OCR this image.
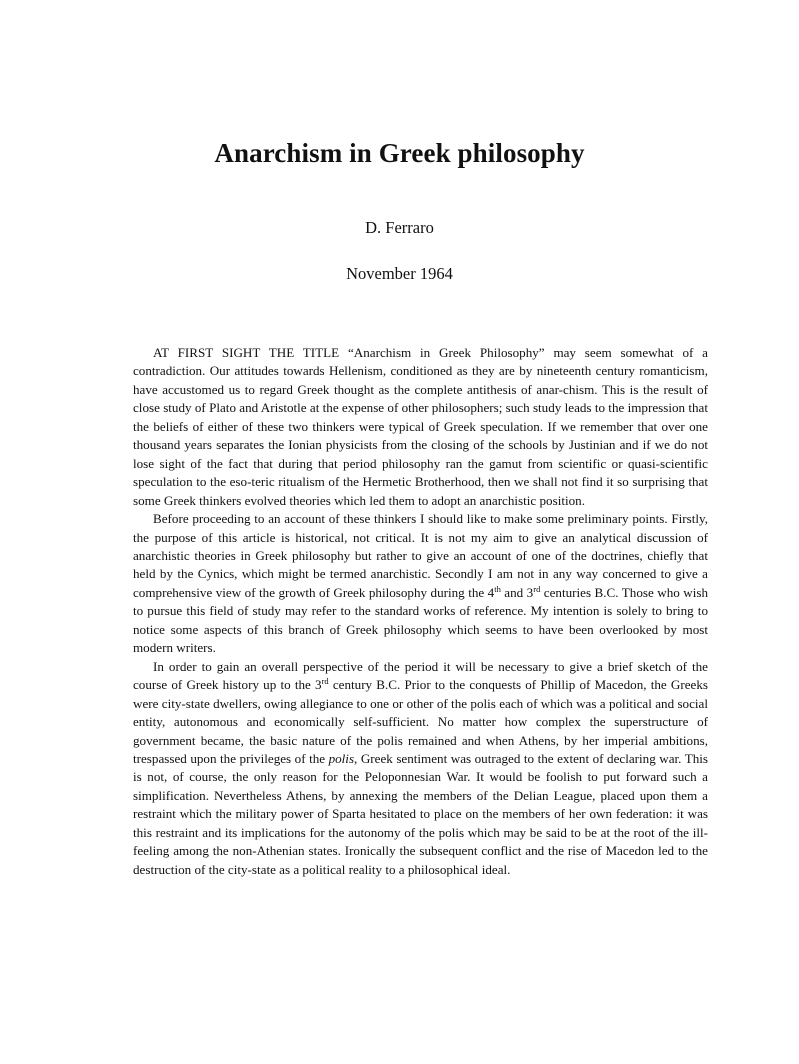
Anarchism in Greek philosophy
D. Ferraro
November 1964

AT FIRST SIGHT THE TITLE “Anarchism in Greek Philosophy” may seem somewhat of a contradiction. Our attitudes towards Hellenism, conditioned as they are by nineteenth century romanticism, have accustomed us to regard Greek thought as the complete antithesis of anar-chism. This is the result of close study of Plato and Aristotle at the expense of other philosophers; such study leads to the impression that the beliefs of either of these two thinkers were typical of Greek speculation. If we remember that over one thousand years separates the Ionian physicists from the closing of the schools by Justinian and if we do not lose sight of the fact that during that period philosophy ran the gamut from scientific or quasi-scientific speculation to the eso-teric ritualism of the Hermetic Brotherhood, then we shall not find it so surprising that some Greek thinkers evolved theories which led them to adopt an anarchistic position.

Before proceeding to an account of these thinkers I should like to make some preliminary points. Firstly, the purpose of this article is historical, not critical. It is not my aim to give an analytical discussion of anarchistic theories in Greek philosophy but rather to give an account of one of the doctrines, chiefly that held by the Cynics, which might be termed anarchistic. Secondly I am not in any way concerned to give a comprehensive view of the growth of Greek philosophy during the 4th and 3rd centuries B.C. Those who wish to pursue this field of study may refer to the standard works of reference. My intention is solely to bring to notice some aspects of this branch of Greek philosophy which seems to have been overlooked by most modern writers.

In order to gain an overall perspective of the period it will be necessary to give a brief sketch of the course of Greek history up to the 3rd century B.C. Prior to the conquests of Phillip of Macedon, the Greeks were city-state dwellers, owing allegiance to one or other of the polis each of which was a political and social entity, autonomous and economically self-sufficient. No matter how complex the superstructure of government became, the basic nature of the polis remained and when Athens, by her imperial ambitions, trespassed upon the privileges of the polis, Greek sentiment was outraged to the extent of declaring war. This is not, of course, the only reason for the Peloponnesian War. It would be foolish to put forward such a simplification. Nevertheless Athens, by annexing the members of the Delian League, placed upon them a restraint which the military power of Sparta hesitated to place on the members of her own federation: it was this restraint and its implications for the autonomy of the polis which may be said to be at the root of the ill-feeling among the non-Athenian states. Ironically the subsequent conflict and the rise of Macedon led to the destruction of the city-state as a political reality to a philosophical ideal.
